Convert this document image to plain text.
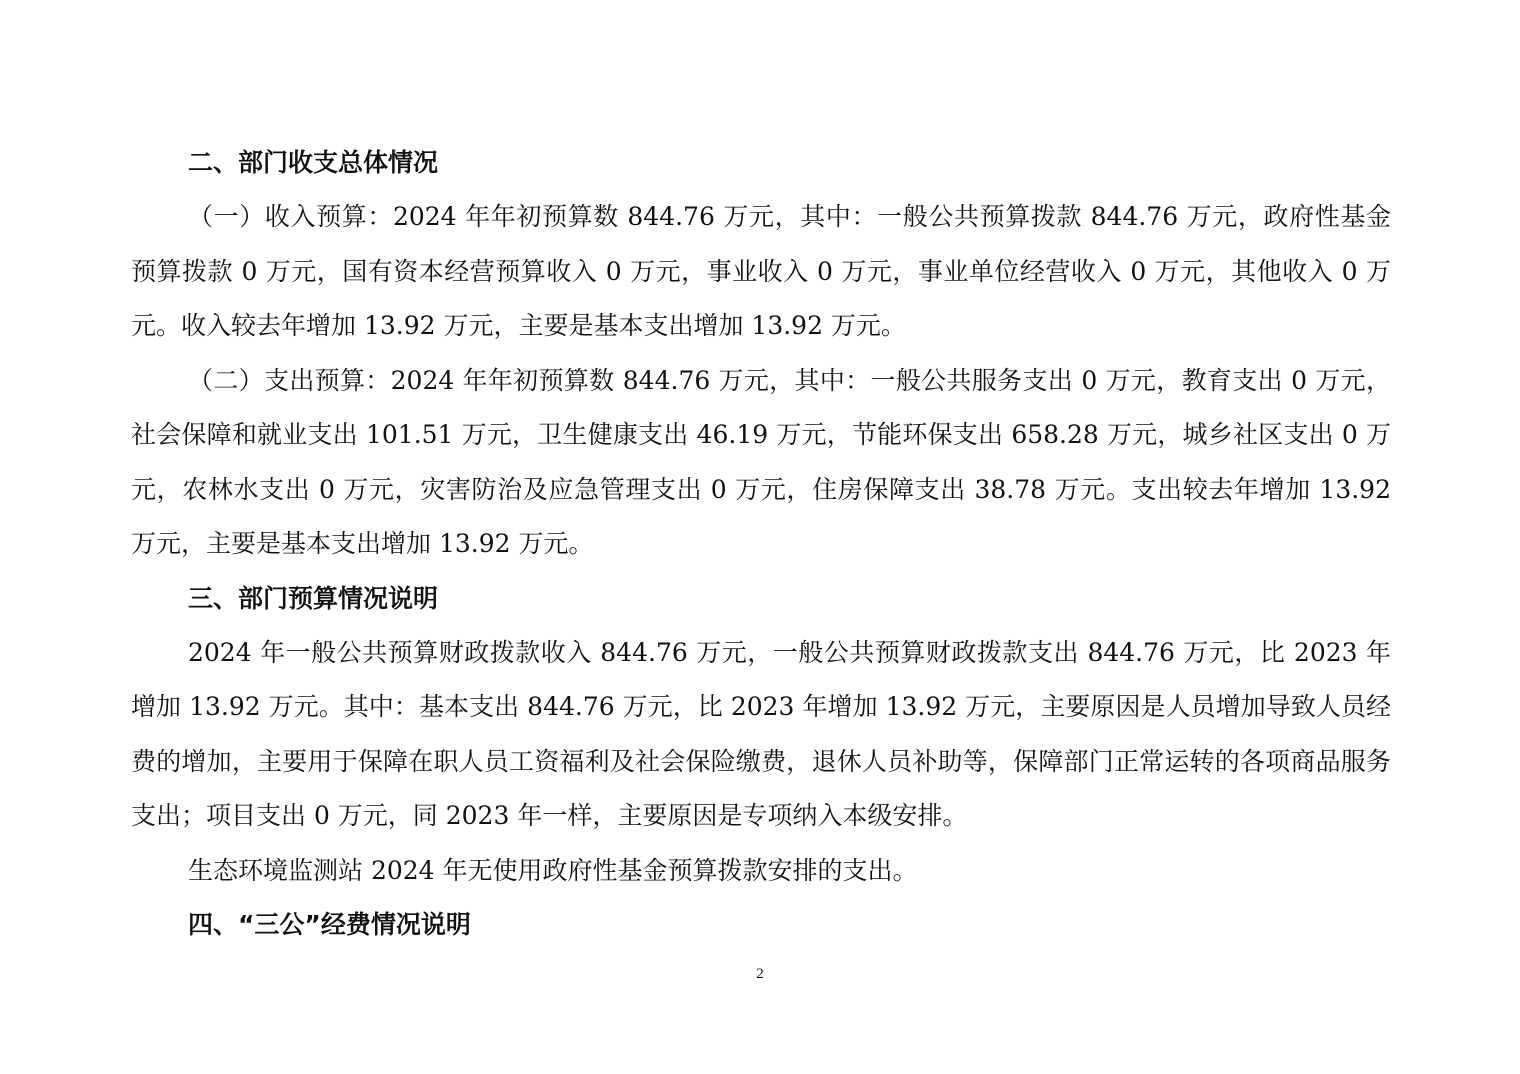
二、部门收支总体情况

（一）收入预算：2024 年年初预算数 844.76 万元，其中：一般公共预算拨款 844.76 万元，政府性基金预算拨款 0 万元，国有资本经营预算收入 0 万元，事业收入 0 万元，事业单位经营收入 0 万元，其他收入 0 万元。收入较去年增加 13.92 万元，主要是基本支出增加 13.92 万元。

（二）支出预算：2024 年年初预算数 844.76 万元，其中：一般公共服务支出 0 万元，教育支出 0 万元，社会保障和就业支出 101.51 万元，卫生健康支出 46.19 万元，节能环保支出 658.28 万元，城乡社区支出 0 万元，农林水支出 0 万元，灾害防治及应急管理支出 0 万元，住房保障支出 38.78 万元。支出较去年增加 13.92 万元，主要是基本支出增加 13.92 万元。

三、部门预算情况说明

2024 年一般公共预算财政拨款收入 844.76 万元，一般公共预算财政拨款支出 844.76 万元，比 2023 年增加 13.92 万元。其中：基本支出 844.76 万元，比 2023 年增加 13.92 万元，主要原因是人员增加导致人员经费的增加，主要用于保障在职人员工资福利及社会保险缴费，退休人员补助等，保障部门正常运转的各项商品服务支出；项目支出 0 万元，同 2023 年一样，主要原因是专项纳入本级安排。

生态环境监测站 2024 年无使用政府性基金预算拨款安排的支出。

四、“三公”经费情况说明
2
